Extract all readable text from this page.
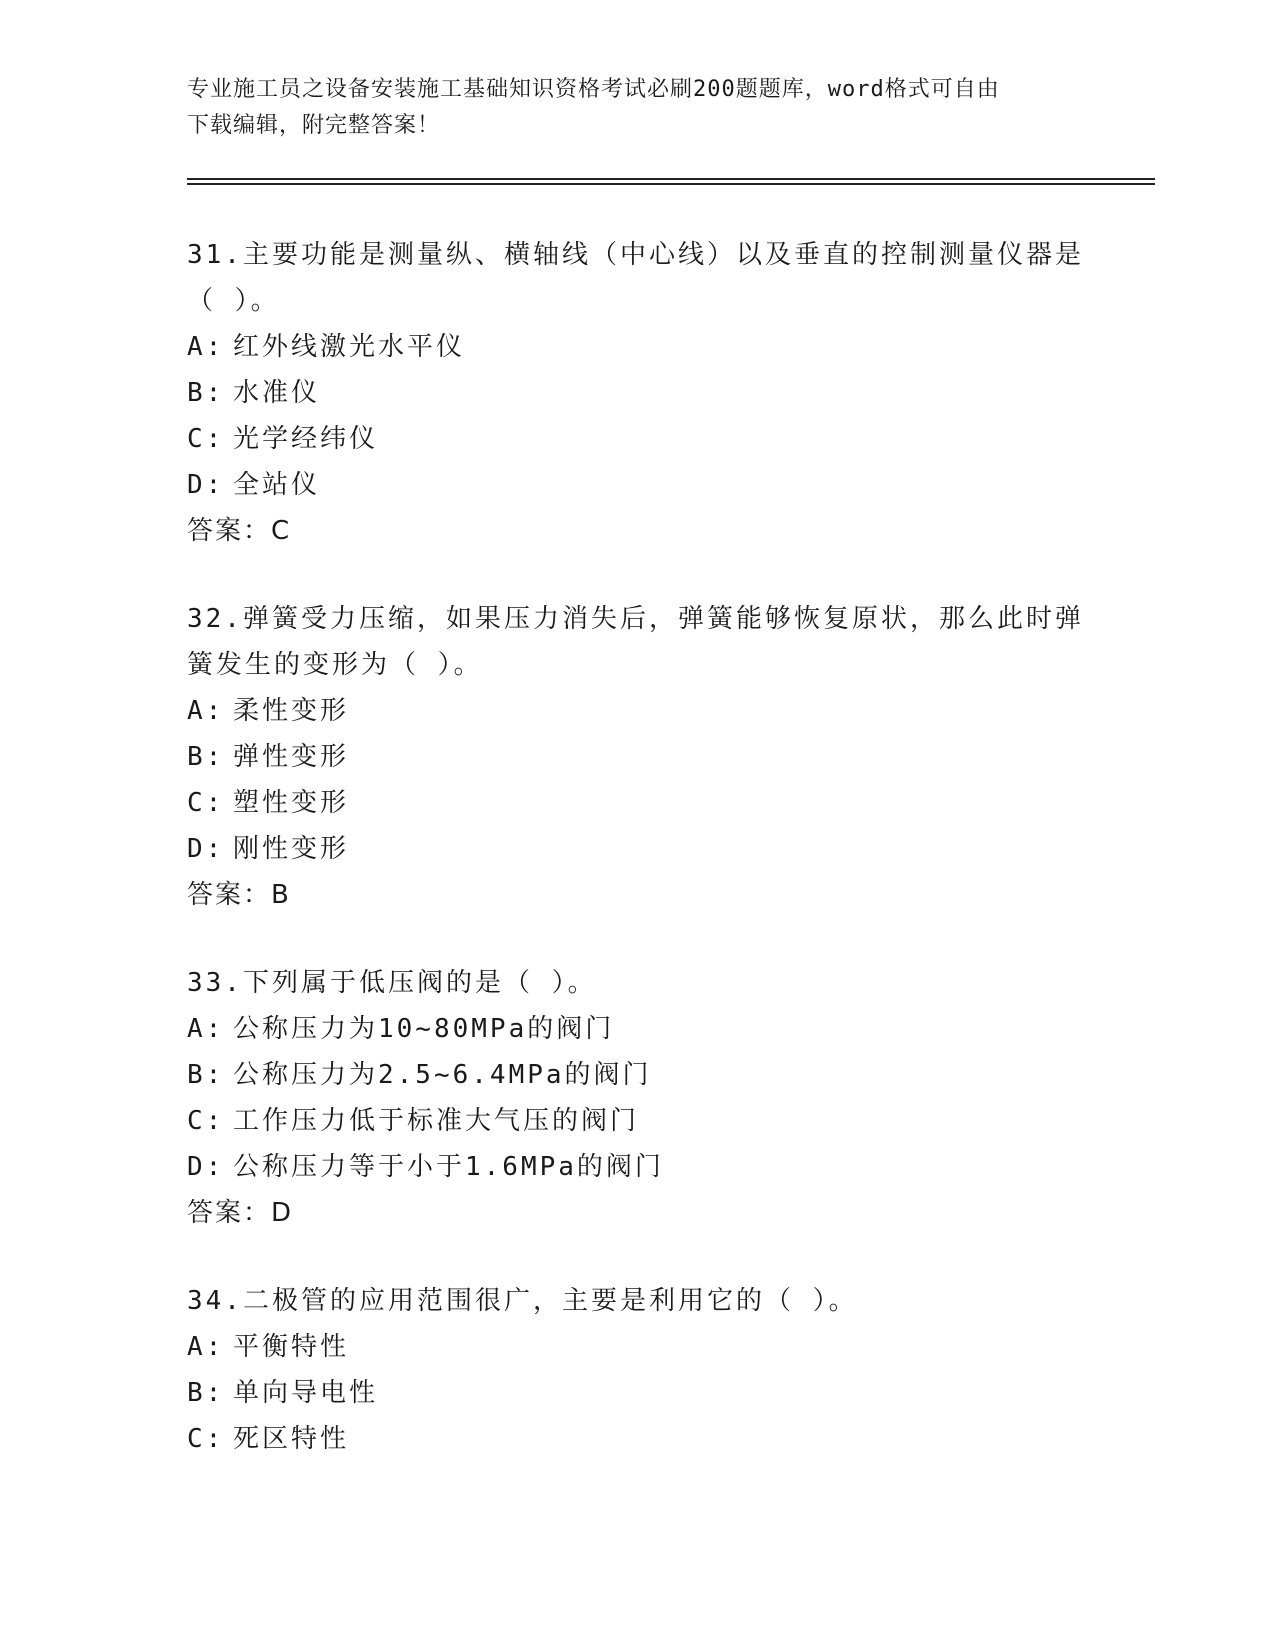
专业施工员之设备安装施工基础知识资格考试必刷200题题库，word格式可自由
下载编辑，附完整答案！
31.主要功能是测量纵、横轴线（中心线）以及垂直的控制测量仪器是
（ ）。
A: 红外线激光水平仪
B: 水准仪
C: 光学经纬仪
D: 全站仪
答案：C
32.弹簧受力压缩，如果压力消失后，弹簧能够恢复原状，那么此时弹
簧发生的变形为（ ）。
A: 柔性变形
B: 弹性变形
C: 塑性变形
D: 刚性变形
答案：B
33.下列属于低压阀的是（ ）。
A: 公称压力为10~80MPa的阀门
B: 公称压力为2.5~6.4MPa的阀门
C: 工作压力低于标准大气压的阀门
D: 公称压力等于小于1.6MPa的阀门
答案：D
34.二极管的应用范围很广，主要是利用它的（ ）。
A: 平衡特性
B: 单向导电性
C: 死区特性
